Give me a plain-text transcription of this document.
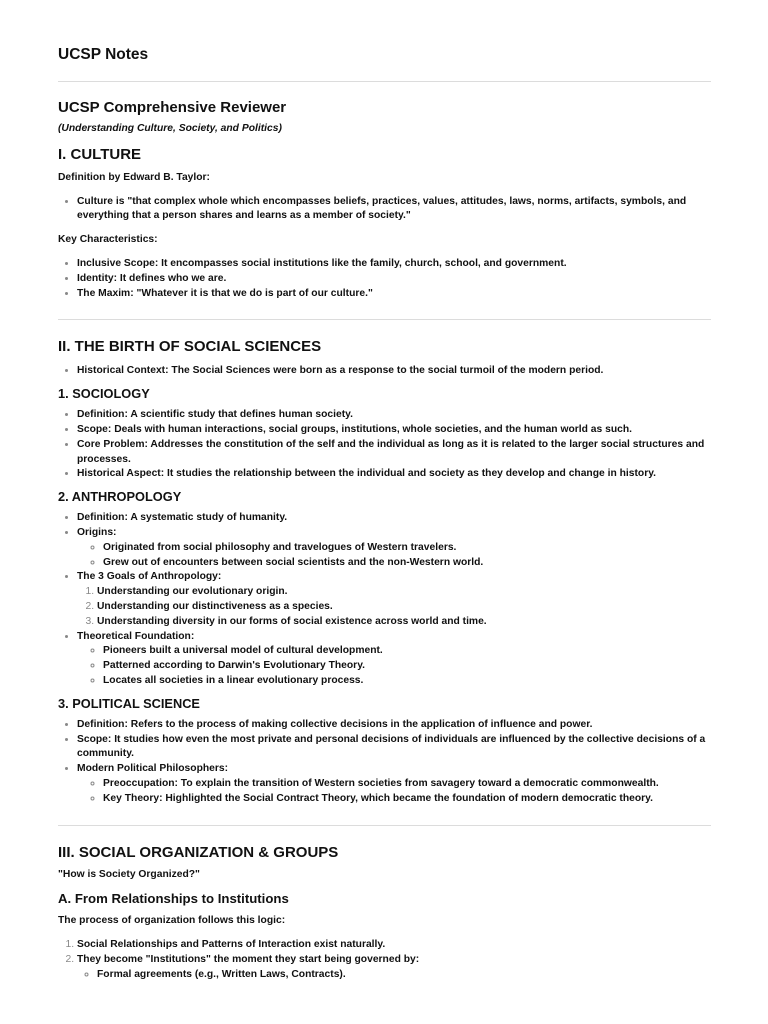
UCSP Notes
UCSP Comprehensive Reviewer

(Understanding Culture, Society, and Politics)

I. CULTURE

Definition by Edward B. Taylor:

• Culture is "that complex whole which encompasses beliefs, practices, values, attitudes, laws, norms, artifacts, symbols, and everything that a person shares and learns as a member of society."

Key Characteristics:

• Inclusive Scope: It encompasses social institutions like the family, church, school, and government.
• Identity: It defines who we are.
• The Maxim: "Whatever it is that we do is part of our culture."
II. THE BIRTH OF SOCIAL SCIENCES
• Historical Context: The Social Sciences were born as a response to the social turmoil of the modern period.
1. SOCIOLOGY
• Definition: A scientific study that defines human society.
• Scope: Deals with human interactions, social groups, institutions, whole societies, and the human world as such.
• Core Problem: Addresses the constitution of the self and the individual as long as it is related to the larger social structures and processes.
• Historical Aspect: It studies the relationship between the individual and society as they develop and change in history.
2. ANTHROPOLOGY
• Definition: A systematic study of humanity.
• Origins:
◦ Originated from social philosophy and travelogues of Western travelers.
◦ Grew out of encounters between social scientists and the non-Western world.
• The 3 Goals of Anthropology:
1. Understanding our evolutionary origin.
2. Understanding our distinctiveness as a species.
3. Understanding diversity in our forms of social existence across world and time.
• Theoretical Foundation:
◦ Pioneers built a universal model of cultural development.
◦ Patterned according to Darwin's Evolutionary Theory.
◦ Locates all societies in a linear evolutionary process.
3. POLITICAL SCIENCE
• Definition: Refers to the process of making collective decisions in the application of influence and power.
• Scope: It studies how even the most private and personal decisions of individuals are influenced by the collective decisions of a community.
• Modern Political Philosophers:
◦ Preoccupation: To explain the transition of Western societies from savagery toward a democratic commonwealth.
◦ Key Theory: Highlighted the Social Contract Theory, which became the foundation of modern democratic theory.
III. SOCIAL ORGANIZATION & GROUPS

"How is Society Organized?"

A. From Relationships to Institutions

The process of organization follows this logic:

1. Social Relationships and Patterns of Interaction exist naturally.
2. They become "Institutions" the moment they start being governed by:
◦ Formal agreements (e.g., Written Laws, Contracts).
